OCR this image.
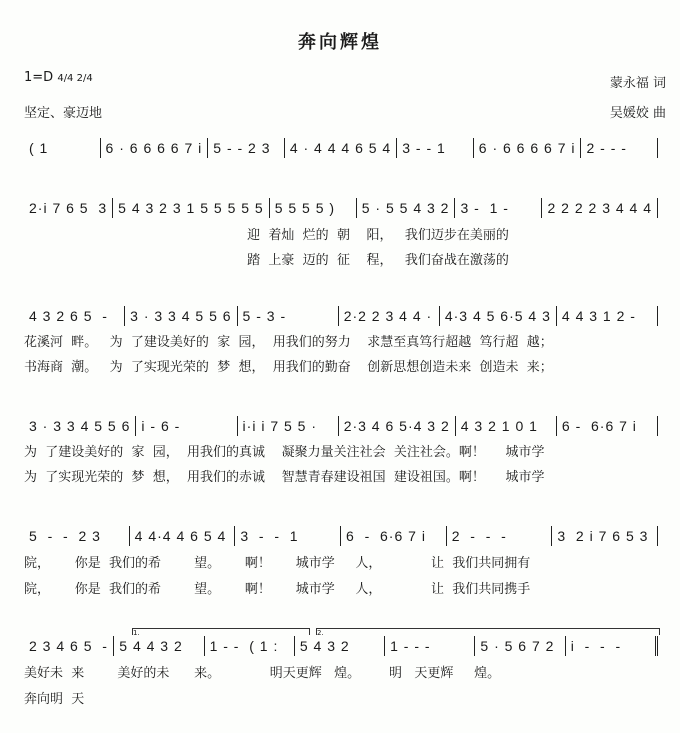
奔向辉煌
1=D 4/4 2/4
坚定、豪迈地
蒙永福 词
吴媛姣 曲
( 1	6 · 6 6 6 6 7 i 5 - - 2 3	4 · 4 4 4 6 5 4 3 - - 1	6 · 6 6 6 6 7 i 2 - - -
2·i 7 6 5  3 5 4 3 2 3 1 5 5 5 5 5 5 5 5 5 )	5 · 5 5 4 3 2 3 -  1 -	2 2 2 2 3 4 4 4
迎  着灿  烂的  朝    阳，   我们迈步在美丽的
踏  上豪  迈的  征    程，   我们奋战在激荡的
4 3 2 6 5  -	3 · 3 3 4 5 5 6 5 - 3 -	2·2 2 3 4 4 · 4·3 4 5 6·5 4 3 4 4 3 1 2 -
花溪河  畔。   为  了建设美好的  家  园，  用我们的努力    求慧至真笃行超越  笃行超  越；
书海商  潮。   为  了实现光荣的  梦  想，  用我们的勤奋    创新思想创造未来  创造未  来；
3 · 3 3 4 5 5 6 i - 6 -	i·i i 7 5 5 ·	2·3 4 6 5·4 3 2 4 3 2 1 0 1	6 -  6·6 7 i
为  了建设美好的  家  园，  用我们的真诚    凝聚力量关注社会  关注社会。啊！     城市学
为  了实现光荣的  梦  想，  用我们的赤诚    智慧青春建设祖国  建设祖国。啊！     城市学
5  -  -  2 3	4 4·4 4 6 5 4	3  -  -  1	6  -  6·6 7 i	2  -  -  -	3  2 i 7 6 5 3
院，      你是  我们的希        望。      啊！      城市学     人，            让  我们共同拥有
院，      你是  我们的希        望。      啊！      城市学     人，            让  我们共同携手
2 3 4 6 5  - 5 4 4 3 2	1 - -  ( 1 :	5 4 3 2	1 - - -	5 · 5 6 7 2	i  -  -  -
美好未  来        美好的未      来。            明天更辉   煌。       明   天更辉     煌。
奔向明  天
1.	2.
